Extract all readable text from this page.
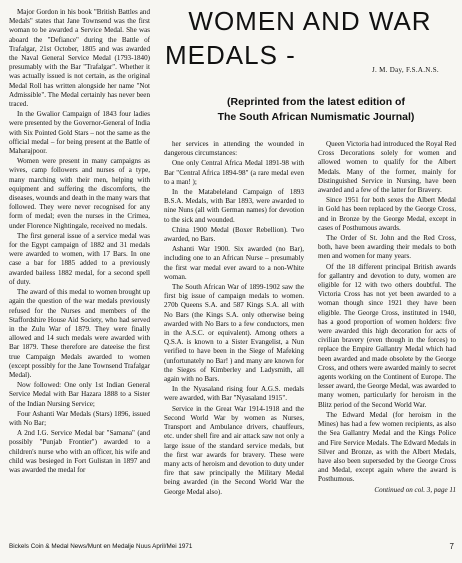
WOMEN AND WAR
MEDALS -	J. M. Day, F.S.A.N.S.
(Reprinted from the latest edition of
The South African Numismatic Journal)

Major Gordon in his book "British Battles and Medals" states that Jane Townsend was the first woman to be awarded a Service Medal. She was aboard the "Defiance" during the Battle of Trafalgar, 21st October, 1805 and was awarded the Naval General Service Medal (1793-1840) presumably with the Bar "Trafalgar". Whether it was actually issued is not certain, as the original Medal Roll has written alongside her name "Not Admissible". The Medal certainly has never been traced.

In the Gwalior Campaign of 1843 four ladies were presented by the Governor-General of India with Six Pointed Gold Stars – not the same as the official medal – for being present at the Battle of Maharajpoor.

Women were present in many campaigns as wives, camp followers and nurses of a type, many marching with their men, helping with equipment and suffering the discomforts, the diseases, wounds and death in the many wars that followed. They were never recognised for any form of medal; even the nurses in the Crimea, under Florence Nightingale, received no medals.

The first general issue of a service medal was for the Egypt campaign of 1882 and 31 medals were awarded to women, with 17 Bars. In one case a bar for 1885 added to a previously awarded bailess 1882 medal, for a second spell of duty.

The award of this medal to women brought up again the question of the war medals previously refused for the Nurses and members of the Staffordshire House Aid Society, who had served in the Zulu War of 1879. They were finally allowed and 14 such medals were awarded with Bar 1879. These therefore are dateeise the first true Campaign Medals awarded to women (except possibly for the Jane Townsend Trafalgar Medal).

Now followed: One only 1st Indian General Service Medal with Bar Hazara 1888 to a Sister of the Indian Nursing Service;

Four Ashanti War Medals (Stars) 1896, issued with No Bar;

A 2nd I.G. Service Medal bar "Samana" (and possibly "Punjab Frontier") awarded to a children's nurse who with an officer, his wife and child was besieged in Fort Gulistan in 1897 and was awarded the medal for

her services in attending the wounded in dangerous circumstances:

One only Central Africa Medal 1891-98 with Bar "Central Africa 1894-98" (a rare medal even to a man! );

In the Matabeleland Campaign of 1893 B.S.A. Medals, with Bar 1893, were awarded to nine Nuns (all with German names) for devotion to the sick and wounded.

China 1900 Medal (Boxer Rebellion). Two awarded, no Bars.

Ashanti War 1900. Six awarded (no Bar), including one to an African Nurse – presumably the first war medal ever award to a non-White woman.

The South African War of 1899-1902 saw the first big issue of campaign medals to women. 270b Queens S.A. and 587 Kings S.A. all with No Bars (the Kings S.A. only otherwise being awarded with No Bars to a few conductors, men in the A.S.C. or equivalent). Among others a Q.S.A. is known to a Sister Evangelist, a Nun verified to have been in the Siege of Mafeking (unfortunately no Bar! ) and many are known for the Sieges of Kimberley and Ladysmith, all again with no Bars.

In the Nyasaland rising four A.G.S. medals were awarded, with Bar "Nyasaland 1915".

Service in the Great War 1914-1918 and the Second World War by women as Nurses, Transport and Ambulance drivers, chauffeurs, etc. under shell fire and air attack saw not only a large issue of the standard service medals, but the first war awards for bravery. These were many acts of heroism and devotion to duty under fire that saw principally the Military Medal being awarded (in the Second World War the George Medal also).

Queen Victoria had introduced the Royal Red Cross Decorations solely for women and allowed women to qualify for the Albert Medals. Many of the former, mainly for Distinguished Service in Nursing, have been awarded and a few of the latter for Bravery.

Since 1951 for both sexes the Albert Medal in Gold has been replaced by the George Cross, and in Bronze by the George Medal, except in cases of Posthumous awards.

The Order of St. John and the Red Cross, both, have been awarding their medals to both men and women for many years.

Of the 18 different principal British awards for gallantry and devotion to duty, women are eligible for 12 with two others doubtful. The Victoria Cross has not yet been awarded to a woman though since 1921 they have been eligible. The George Cross, instituted in 1940, has a good proportion of women holders: five were awarded this high decoration for acts of civilian bravery (even though in the forces) to replace the Empire Gallantry Medal which had been awarded and made obsolete by the George Cross, and others were awarded mainly to secret agents working on the Continent of Europe. The lesser award, the George Medal, was awarded to many women, particularly for heroism in the Blitz period of the Second World War.

The Edward Medal (for heroism in the Mines) has had a few women recipients, as also the Sea Gallantry Medal and the Kings Police and Fire Service Medals. The Edward Medals in Silver and Bronze, as with the Albert Medals, have also been superseded by the George Cross and Medal, except again where the award is Posthumous.

Continued on col. 3, page 11
Bickels Coin & Medal News/Munt en Medalje Nuus April/Mei 1971	7
